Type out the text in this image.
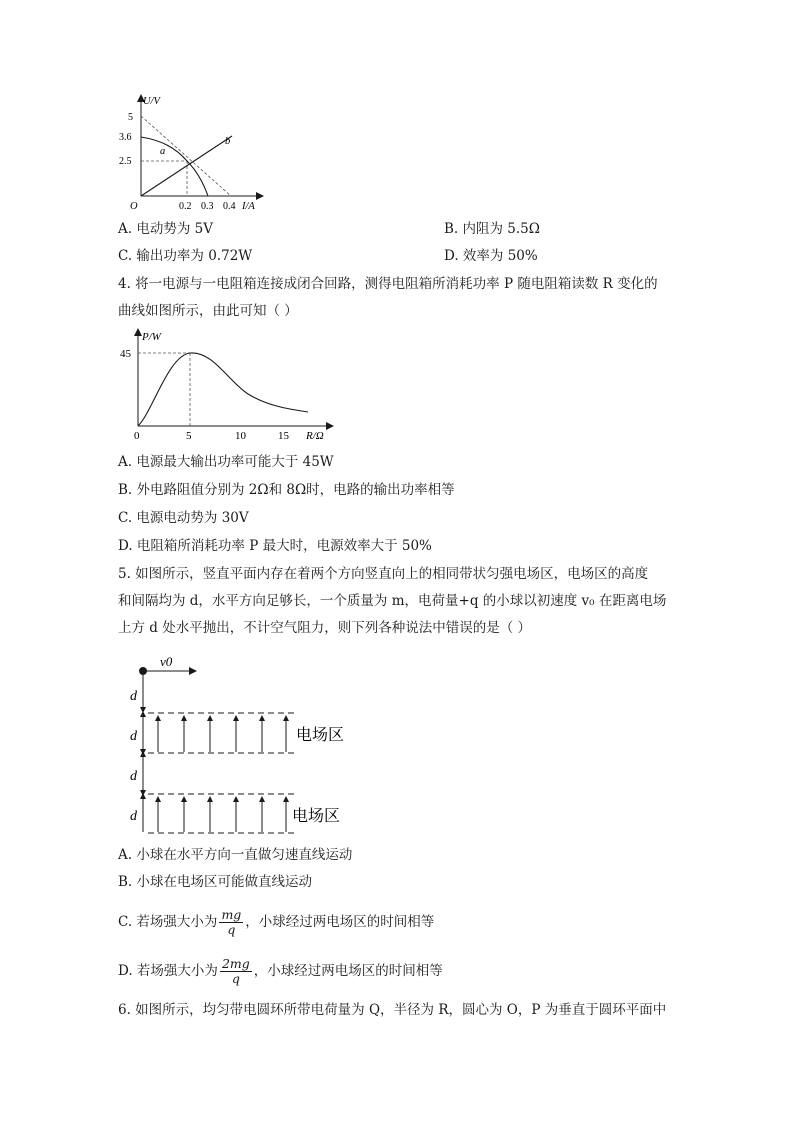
U/V
5
3.6
2.5
O	0.2 0.3 0.4 I/A
a
b
A. 电动势为 5V	B. 内阻为 5.5Ω
C. 输出功率为 0.72W	D. 效率为 50%
4. 将一电源与一电阻箱连接成闭合回路，测得电阻箱所消耗功率 P 随电阻箱读数 R 变化的
曲线如图所示，由此可知（ ）
P/W
45
0	5	10	15 R/Ω
A. 电源最大输出功率可能大于 45W
B. 外电路阻值分别为 2Ω和 8Ω时，电路的输出功率相等
C. 电源电动势为 30V
D. 电阻箱所消耗功率 P 最大时，电源效率大于 50%
5. 如图所示，竖直平面内存在着两个方向竖直向上的相同带状匀强电场区，电场区的高度
和间隔均为 d，水平方向足够长，一个质量为 m，电荷量+q 的小球以初速度 v₀ 在距离电场
上方 d 处水平抛出，不计空气阻力，则下列各种说法中错误的是（ ）
v0
d
d
d
d
电场区
电场区
A. 小球在水平方向一直做匀速直线运动
B. 小球在电场区可能做直线运动
C. 若场强大小为 $\frac{mg}{q}$ ，小球经过两电场区的时间相等
D. 若场强大小为 $\frac{2mg}{q}$ ，小球经过两电场区的时间相等
6. 如图所示，均匀带电圆环所带电荷量为 Q，半径为 R，圆心为 O，P 为垂直于圆环平面中
